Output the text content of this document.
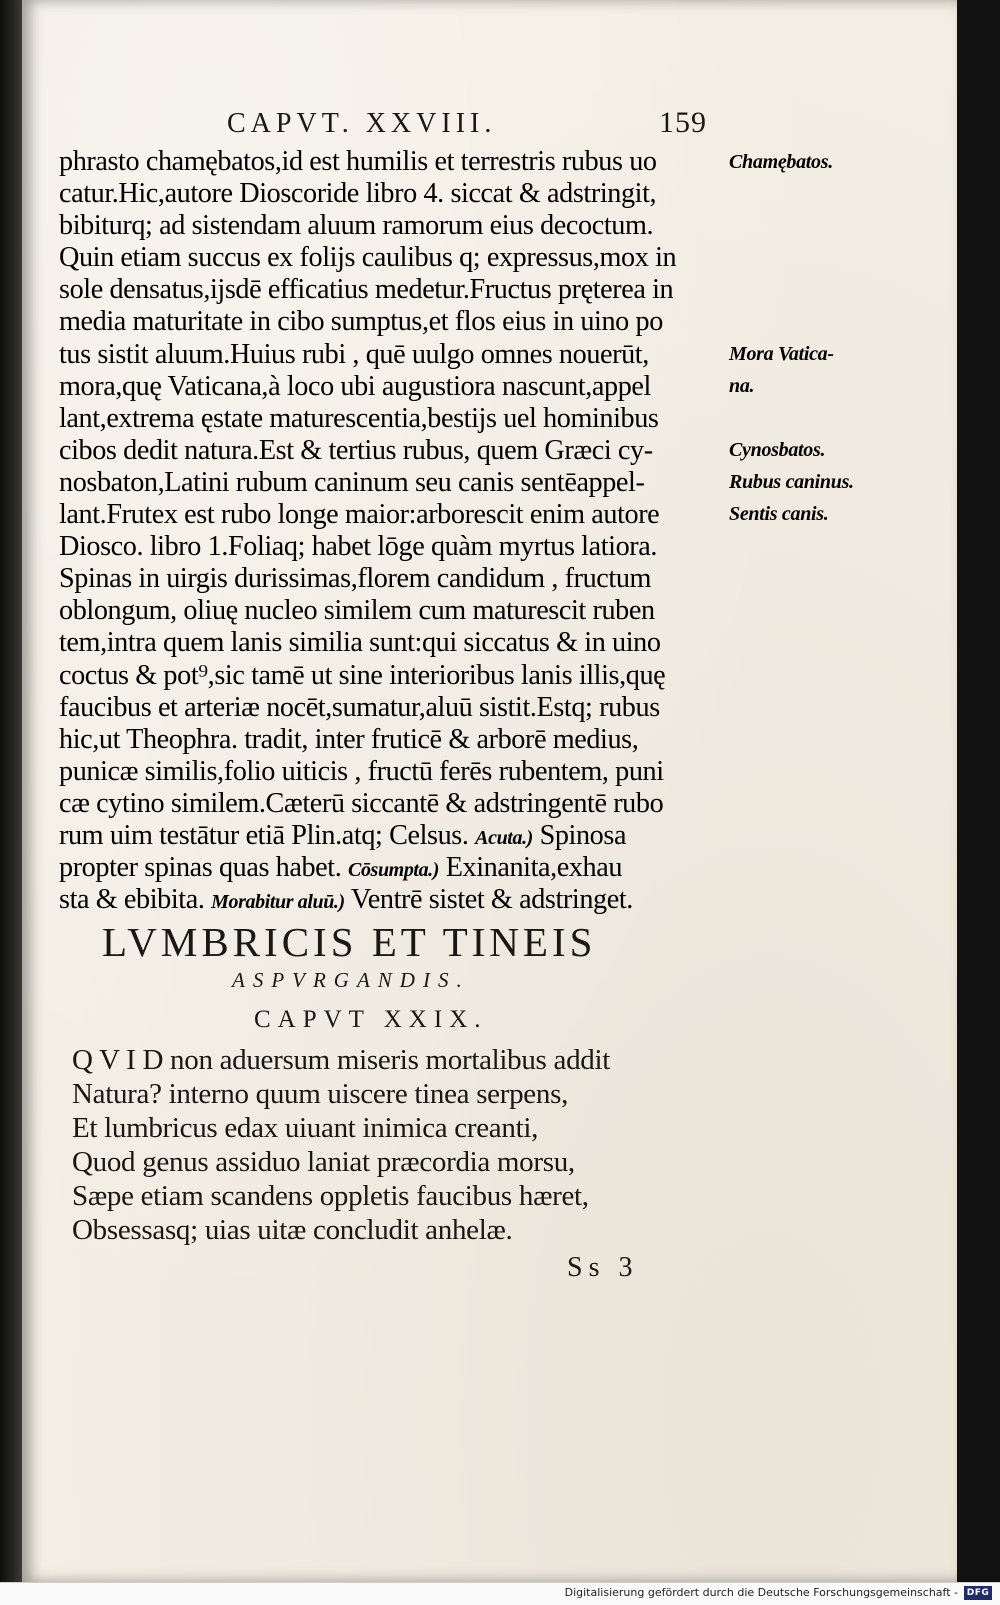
CAPVT. XXVIII.	159
phrasto chamębatos,id est humilis et terrestris rubus uo
catur.Hic,autore Dioscoride libro 4. siccat & adstringit,
bibiturq; ad sistendam aluum ramorum eius decoctum.
Quin etiam succus ex folijs caulibus q; expressus,mox in
sole densatus,ijsdē efficatius medetur.Fructus pręterea in
media maturitate in cibo sumptus,et flos eius in uino po
tus sistit aluum.Huius rubi , quē uulgo omnes nouerūt,
mora,quę Vaticana,à loco ubi augustiora nascunt,appel
lant,extrema ęstate maturescentia,bestijs uel hominibus
cibos dedit natura.Est & tertius rubus, quem Græci cy-
nosbaton,Latini rubum caninum seu canis sentēappel-
lant.Frutex est rubo longe maior:arborescit enim autore
Diosco. libro 1.Foliaq; habet lōge quàm myrtus latiora.
Spinas in uirgis durissimas,florem candidum , fructum
oblongum, oliuę nucleo similem cum maturescit ruben
tem,intra quem lanis similia sunt:qui siccatus & in uino
coctus & pot⁹,sic tamē ut sine interioribus lanis illis,quę
faucibus et arteriæ nocēt,sumatur,aluū sistit.Estq; rubus
hic,ut Theophra. tradit, inter fruticē & arborē medius,
punicæ similis,folio uiticis , fructū ferēs rubentem, puni
cæ cytino similem.Cæterū siccantē & adstringentē rubo
rum uim testātur etiā Plin.atq; Celsus. Acuta.) Spinosa
propter spinas quas habet. Cōsumpta.) Exinanita,exhau
sta & ebibita. Morabitur aluū.) Ventrē sistet & adstringet.
Chamębatos.
Mora Vatica-
na.
Cynosbatos.
Rubus caninus.
Sentis canis.
LVMBRICIS ET TINEIS
ASPVRGANDIS.
CAPVT XXIX.
Q V I D non aduersum miseris mortalibus addit
Natura? interno quum uiscere tinea serpens,
Et lumbricus edax uiuant inimica creanti,
Quod genus assiduo laniat præcordia morsu,
Sæpe etiam scandens oppletis faucibus hæret,
Obsessasq; uias uitæ concludit anhelæ.
Ss 3
Digitalisierung gefördert durch die Deutsche Forschungsgemeinschaft - DFG
